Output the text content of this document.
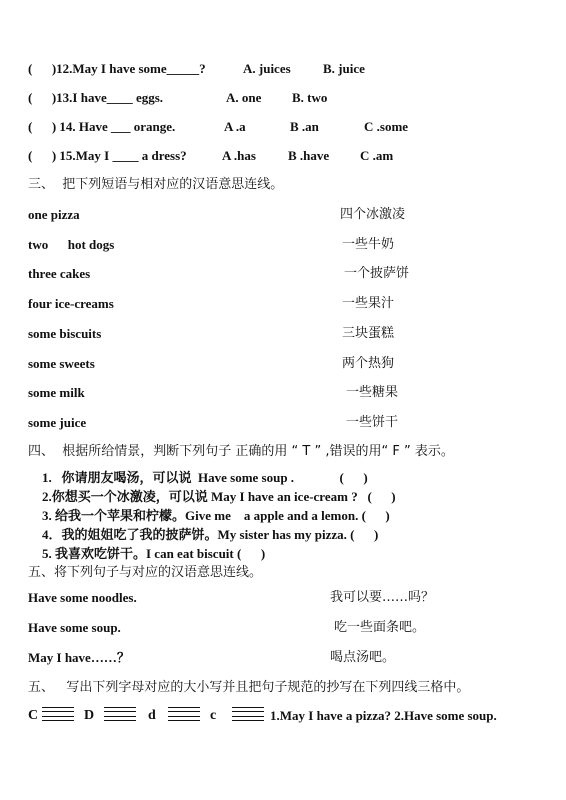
(      )12.May I have some_____?	A. juices B. juice
(      )13.I have____ eggs.	A. one B. two
(      ) 14. Have ___ orange.	A .a	B .an	C .some
(      ) 15.May I ____ a dress?	A .has B .have C .am
三、  把下列短语与相对应的汉语意思连线。
one pizza
two      hot dogs
three cakes
four ice-creams
some biscuits
some sweets
some milk
some juice
四个冰激凌
一些牛奶
一个披萨饼
一些果汁
三块蛋糕
两个热狗
一些糖果
一些饼干
四、  根据所给情景，判断下列句子 正确的用 “ T ” ,错误的用“ F ” 表示。
1.   你请朋友喝汤，可以说  Have some soup .              (      )
2.你想买一个冰激凌，可以说 May I have an ice-cream ?   (      )
3. 给我一个苹果和柠檬。Give me    a apple and a lemon. (      )
4．我的姐姐吃了我的披萨饼。My sister has my pizza. (      )
5. 我喜欢吃饼干。I can eat biscuit (      )
五、将下列句子与对应的汉语意思连线。
Have some noodles.
Have some soup.
May I have……？
我可以要……吗？
吃一些面条吧。
喝点汤吧。
五、   写出下列字母对应的大小写并且把句子规范的抄写在下列四线三格中。
C	D	d	c	1.May I have a pizza? 2.Have some soup.
